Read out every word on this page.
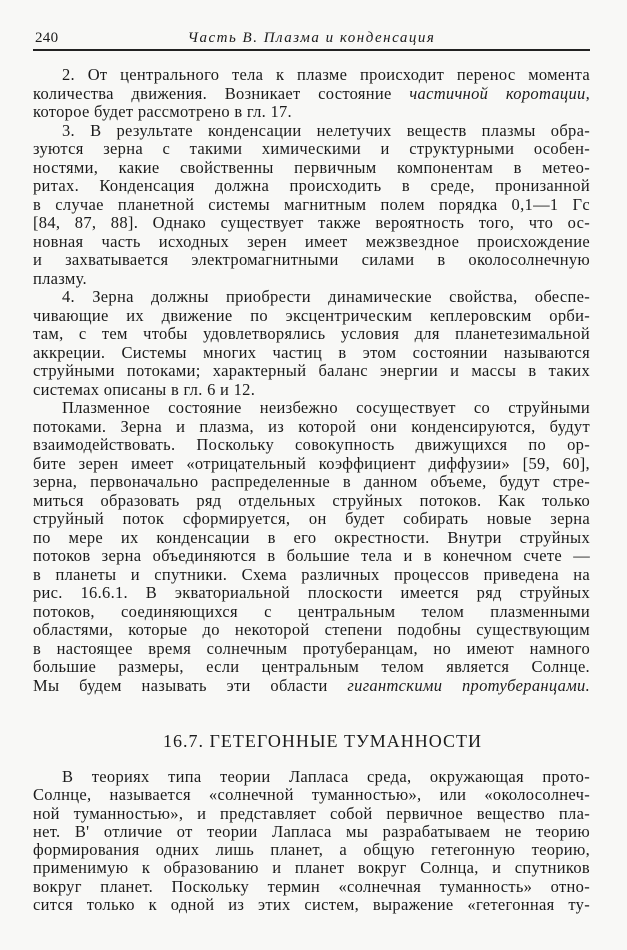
240	Часть В. Плазма и конденсация
2. От центрального тела к плазме происходит перенос момента
количества движения. Возникает состояние частичной коротации,
которое будет рассмотрено в гл. 17.
3. В результате конденсации нелетучих веществ плазмы обра-
зуются зерна с такими химическими и структурными особен-
ностями, какие свойственны первичным компонентам в метео-
ритах. Конденсация должна происходить в среде, пронизанной
в случае планетной системы магнитным полем порядка 0,1—1 Гс
[84, 87, 88]. Однако существует также вероятность того, что ос-
новная часть исходных зерен имеет межзвездное происхождение
и захватывается электромагнитными силами в околосолнечную
плазму.
4. Зерна должны приобрести динамические свойства, обеспе-
чивающие их движение по эксцентрическим кеплеровским орби-
там, с тем чтобы удовлетворялись условия для планетезимальной
аккреции. Системы многих частиц в этом состоянии называются
струйными потоками; характерный баланс энергии и массы в таких
системах описаны в гл. 6 и 12.
Плазменное состояние неизбежно сосуществует со струйными
потоками. Зерна и плазма, из которой они конденсируются, будут
взаимодействовать. Поскольку совокупность движущихся по ор-
бите зерен имеет «отрицательный коэффициент диффузии» [59, 60],
зерна, первоначально распределенные в данном объеме, будут стре-
миться образовать ряд отдельных струйных потоков. Как только
струйный поток сформируется, он будет собирать новые зерна
по мере их конденсации в его окрестности. Внутри струйных
потоков зерна объединяются в большие тела и в конечном счете —
в планеты и спутники. Схема различных процессов приведена на
рис. 16.6.1. В экваториальной плоскости имеется ряд струйных
потоков, соединяющихся с центральным телом плазменными
областями, которые до некоторой степени подобны существующим
в настоящее время солнечным протуберанцам, но имеют намного
большие размеры, если центральным телом является Солнце.
Мы будем называть эти области гигантскими протуберанцами.
16.7. ГЕТЕГОННЫЕ ТУМАННОСТИ
В теориях типа теории Лапласа среда, окружающая прото-
Солнце, называется «солнечной туманностью», или «околосолнеч-
ной туманностью», и представляет собой первичное вещество пла-
нет. В' отличие от теории Лапласа мы разрабатываем не теорию
формирования одних лишь планет, а общую гетегонную теорию,
применимую к образованию и планет вокруг Солнца, и спутников
вокруг планет. Поскольку термин «солнечная туманность» отно-
сится только к одной из этих систем, выражение «гетегонная ту-
